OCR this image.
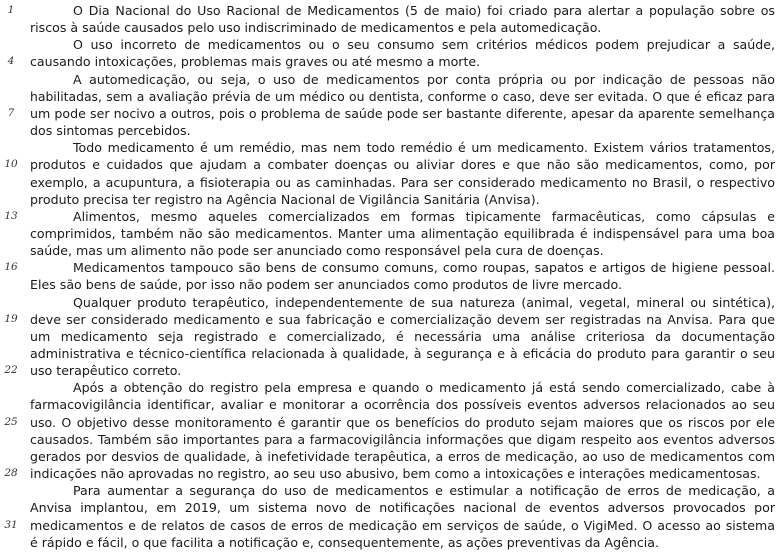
1	O Dia Nacional do Uso Racional de Medicamentos (5 de maio) foi criado para alertar a população sobre os
riscos à saúde causados pelo uso indiscriminado de medicamentos e pela automedicação.
O uso incorreto de medicamentos ou o seu consumo sem critérios médicos podem prejudicar a saúde,
4	causando intoxicações, problemas mais graves ou até mesmo a morte.
A automedicação, ou seja, o uso de medicamentos por conta própria ou por indicação de pessoas não
habilitadas, sem a avaliação prévia de um médico ou dentista, conforme o caso, deve ser evitada. O que é eficaz para
7	um pode ser nocivo a outros, pois o problema de saúde pode ser bastante diferente, apesar da aparente semelhança
dos sintomas percebidos.
Todo medicamento é um remédio, mas nem todo remédio é um medicamento. Existem vários tratamentos,
10 produtos e cuidados que ajudam a combater doenças ou aliviar dores e que não são medicamentos, como, por
exemplo, a acupuntura, a fisioterapia ou as caminhadas. Para ser considerado medicamento no Brasil, o respectivo
produto precisa ter registro na Agência Nacional de Vigilância Sanitária (Anvisa).
13	Alimentos, mesmo aqueles comercializados em formas tipicamente farmacêuticas, como cápsulas e
comprimidos, também não são medicamentos. Manter uma alimentação equilibrada é indispensável para uma boa
saúde, mas um alimento não pode ser anunciado como responsável pela cura de doenças.
16	Medicamentos tampouco são bens de consumo comuns, como roupas, sapatos e artigos de higiene pessoal.
Eles são bens de saúde, por isso não podem ser anunciados como produtos de livre mercado.
Qualquer produto terapêutico, independentemente de sua natureza (animal, vegetal, mineral ou sintética),
19 deve ser considerado medicamento e sua fabricação e comercialização devem ser registradas na Anvisa. Para que
um medicamento seja registrado e comercializado, é necessária uma análise criteriosa da documentação
administrativa e técnico-científica relacionada à qualidade, à segurança e à eficácia do produto para garantir o seu
22 uso terapêutico correto.
Após a obtenção do registro pela empresa e quando o medicamento já está sendo comercializado, cabe à
farmacovigilância identificar, avaliar e monitorar a ocorrência dos possíveis eventos adversos relacionados ao seu
25 uso. O objetivo desse monitoramento é garantir que os benefícios do produto sejam maiores que os riscos por ele
causados. Também são importantes para a farmacovigilância informações que digam respeito aos eventos adversos
gerados por desvios de qualidade, à inefetividade terapêutica, a erros de medicação, ao uso de medicamentos com
28 indicações não aprovadas no registro, ao seu uso abusivo, bem como a intoxicações e interações medicamentosas.
Para aumentar a segurança do uso de medicamentos e estimular a notificação de erros de medicação, a
Anvisa implantou, em 2019, um sistema novo de notificações nacional de eventos adversos provocados por
31 medicamentos e de relatos de casos de erros de medicação em serviços de saúde, o VigiMed. O acesso ao sistema
é rápido e fácil, o que facilita a notificação e, consequentemente, as ações preventivas da Agência.
